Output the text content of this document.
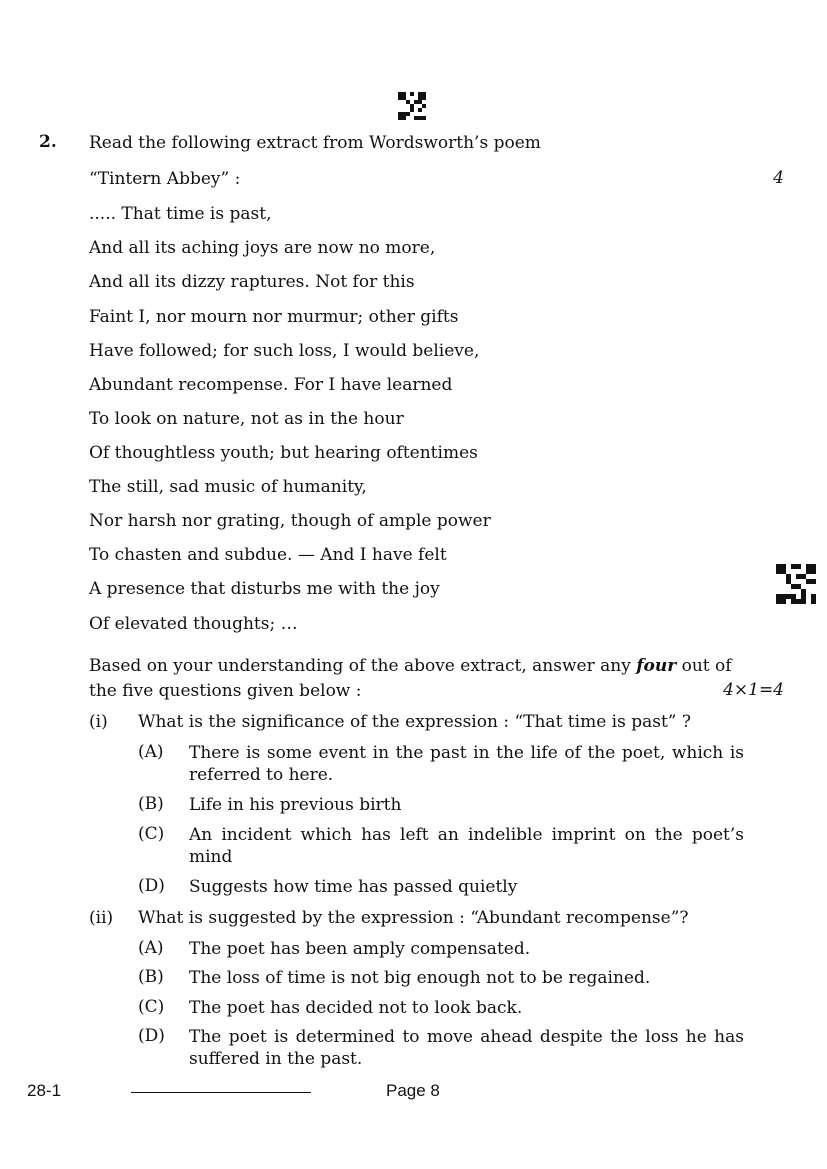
2. Read the following extract from Wordsworth’s poem
“Tintern Abbey” :	4
..... That time is past,
And all its aching joys are now no more,
And all its dizzy raptures. Not for this
Faint I, nor mourn nor murmur; other gifts
Have followed; for such loss, I would believe,
Abundant recompense. For I have learned
To look on nature, not as in the hour
Of thoughtless youth; but hearing oftentimes
The still, sad music of humanity,
Nor harsh nor grating, though of ample power
To chasten and subdue. — And I have felt
A presence that disturbs me with the joy
Of elevated thoughts; …
Based on your understanding of the above extract, answer any four out of
the five questions given below :	4×1=4
(i) What is the significance of the expression : “That time is past” ?
(A) There is some event in the past in the life of the poet, which is referred to here.
(B) Life in his previous birth
(C) An incident which has left an indelible imprint on the poet’s mind
(D) Suggests how time has passed quietly
(ii) What is suggested by the expression : “Abundant recompense”?
(A) The poet has been amply compensated.
(B) The loss of time is not big enough not to be regained.
(C) The poet has decided not to look back.
(D) The poet is determined to move ahead despite the loss he has suffered in the past.
28-1	Page 8
